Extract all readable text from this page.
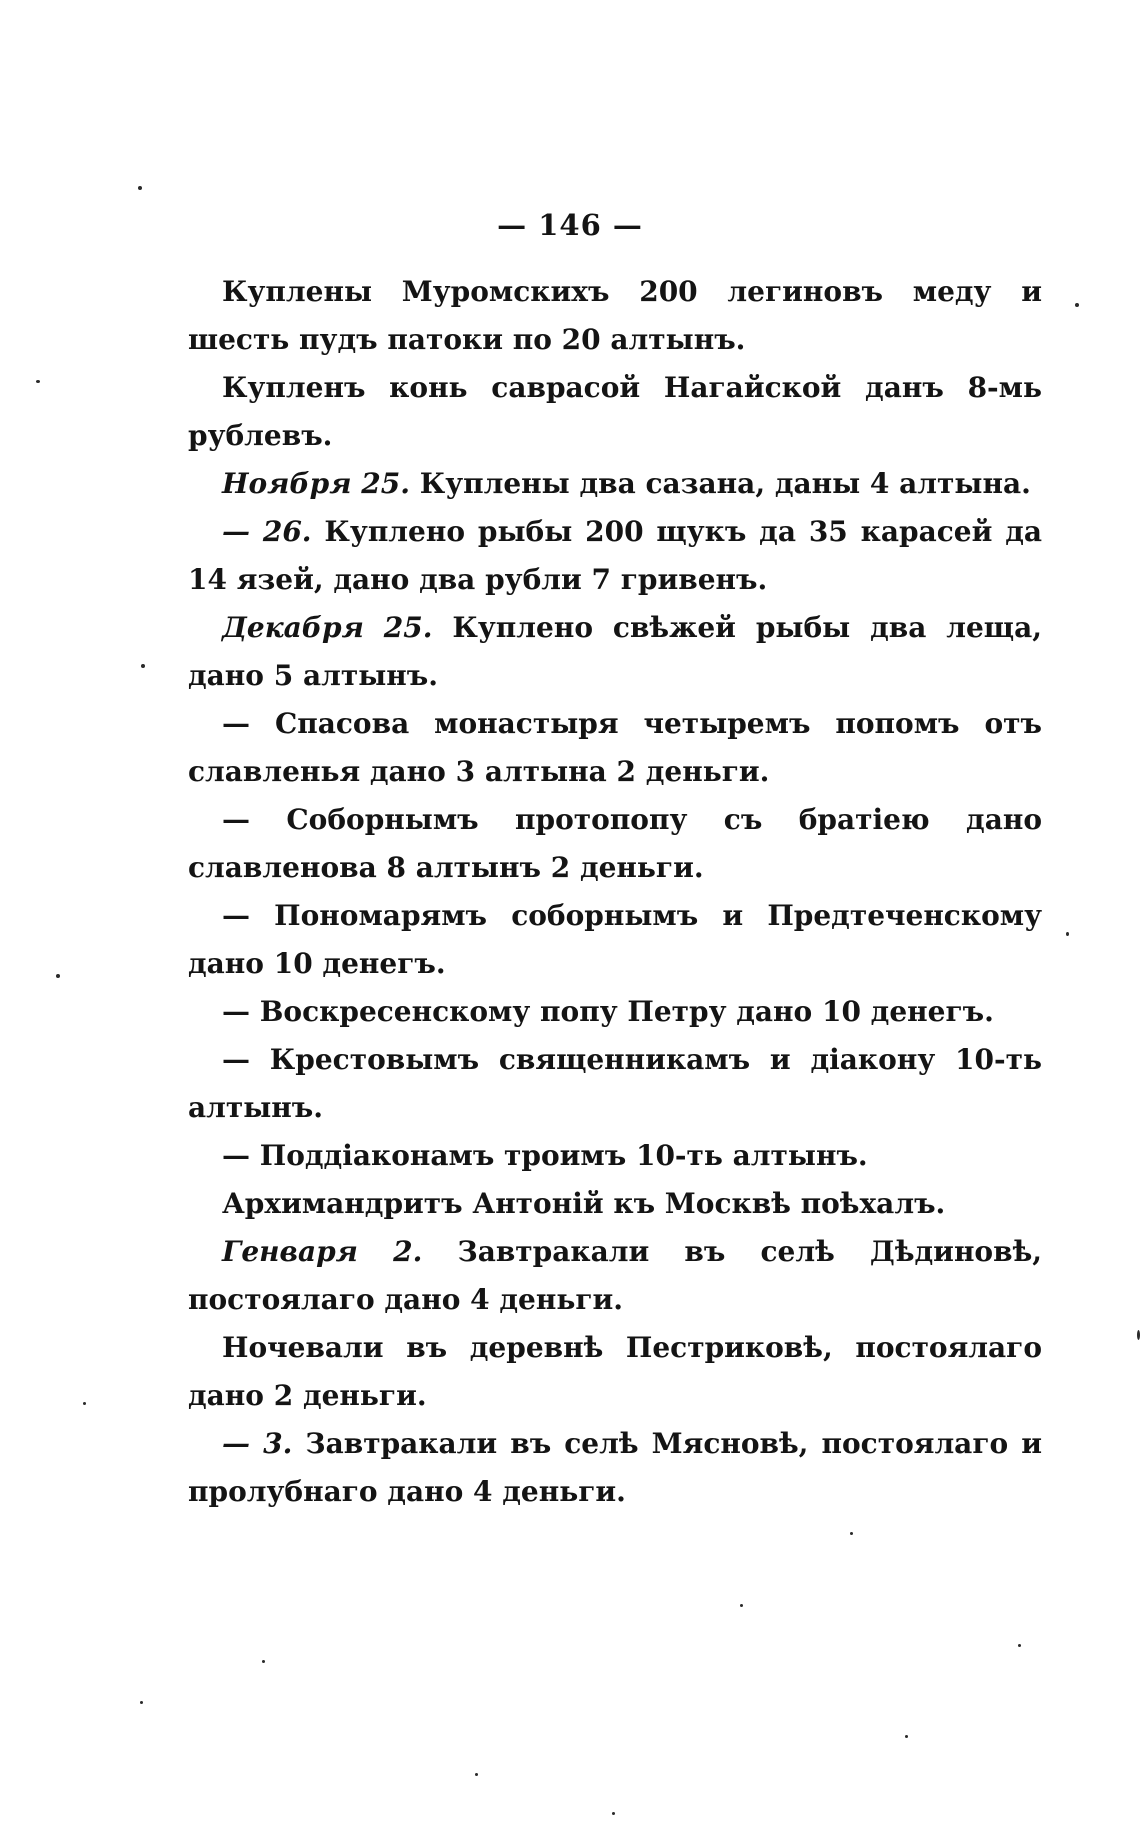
— 146 —

Куплены Муромскихъ 200 легиновъ меду и шесть пудъ патоки по 20 алтынъ.

Купленъ конь саврасой Нагайской данъ 8-мь рублевъ.

Ноября 25. Куплены два сазана, даны 4 алтына.

— 26. Куплено рыбы 200 щукъ да 35 карасей да 14 язей, дано два рубли 7 гривенъ.

Декабря 25. Куплено свѣжей рыбы два леща, дано 5 алтынъ.

— Спасова монастыря четыремъ попомъ отъ славленья дано 3 алтына 2 деньги.

— Соборнымъ протопопу съ братiею дано славленова 8 алтынъ 2 деньги.

— Пономарямъ соборнымъ и Предтеченскому дано 10 денегъ.

— Воскресенскому попу Петру дано 10 денегъ.

— Крестовымъ священникамъ и дiакону 10-ть алтынъ.

— Поддiаконамъ троимъ 10-ть алтынъ.

Архимандритъ Антонiй къ Москвѣ поѣхалъ.

Генваря 2. Завтракали въ селѣ Дѣдиновѣ, постоялаго дано 4 деньги.

Ночевали въ деревнѣ Пестриковѣ, постоялаго дано 2 деньги.

— 3. Завтракали въ селѣ Мясновѣ, постоялаго и пролубнаго дано 4 деньги.
